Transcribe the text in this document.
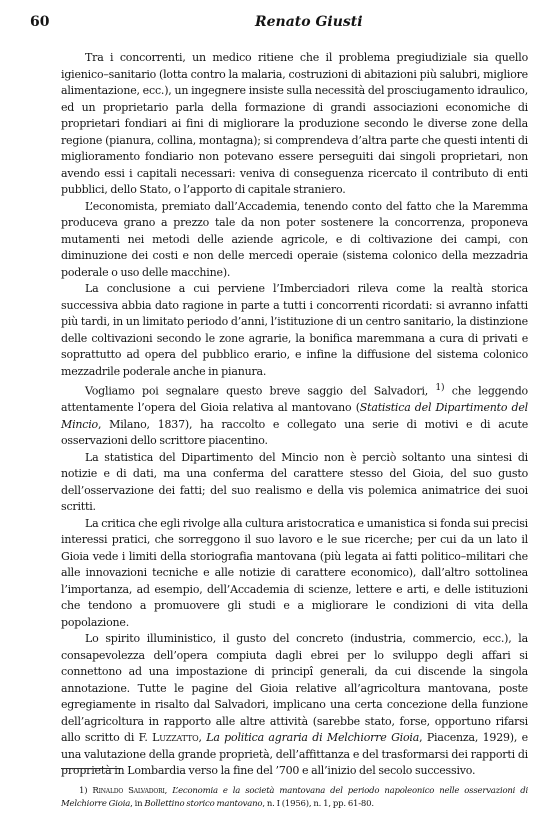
60	Renato Giusti

Tra i concorrenti, un medico ritiene che il problema pregiudiziale sia quello igienico–sanitario (lotta contro la malaria, costruzioni di abitazioni più salubri, migliore alimentazione, ecc.), un ingegnere insiste sulla necessità del prosciugamento idraulico, ed un proprietario parla della formazione di grandi associazioni economiche di proprietari fondiari ai fini di migliorare la produzione secondo le diverse zone della regione (pianura, collina, montagna); si comprendeva d’altra parte che questi intenti di miglioramento fondiario non potevano essere perseguiti dai singoli proprietari, non avendo essi i capitali necessari: veniva di conseguenza ricercato il contributo di enti pubblici, dello Stato, o l’apporto di capitale straniero.

L’economista, premiato dall’Accademia, tenendo conto del fatto che la Maremma produceva grano a prezzo tale da non poter sostenere la concorrenza, proponeva mutamenti nei metodi delle aziende agricole, e di coltivazione dei campi, con diminuzione dei costi e non delle mercedi operaie (sistema colonico della mezzadria poderale o uso delle macchine).

La conclusione a cui perviene l’Imberciadori rileva come la realtà storica successiva abbia dato ragione in parte a tutti i concorrenti ricordati: si avranno infatti più tardi, in un limitato periodo d’anni, l’istituzione di un centro sanitario, la distinzione delle coltivazioni secondo le zone agrarie, la bonifica maremmana a cura di privati e soprattutto ad opera del pubblico erario, e infine la diffusione del sistema colonico mezzadrile poderale anche in pianura.

Vogliamo poi segnalare questo breve saggio del Salvadori, $^{1)}$ che leggendo attentamente l’opera del Gioia relativa al mantovano (Statistica del Dipartimento del Mincio, Milano, 1837), ha raccolto e collegato una serie di motivi e di acute osservazioni dello scrittore piacentino.

La statistica del Dipartimento del Mincio non è perciò soltanto una sintesi di notizie e di dati, ma una conferma del carattere stesso del Gioia, del suo gusto dell’osservazione dei fatti; del suo realismo e della vis polemica animatrice dei suoi scritti.

La critica che egli rivolge alla cultura aristocratica e umanistica si fonda sui precisi interessi pratici, che sorreggono il suo lavoro e le sue ricerche; per cui da un lato il Gioia vede i limiti della storiografia mantovana (più legata ai fatti politico–militari che alle innovazioni tecniche e alle notizie di carattere economico), dall’altro sottolinea l’importanza, ad esempio, dell’Accademia di scienze, lettere e arti, e delle istituzioni che tendono a promuovere gli studi e a migliorare le condizioni di vita della popolazione.

Lo spirito illuministico, il gusto del concreto (industria, commercio, ecc.), la consapevolezza dell’opera compiuta dagli ebrei per lo sviluppo degli affari si connettono ad una impostazione di principî generali, da cui discende la singola annotazione. Tutte le pagine del Gioia relative all’agricoltura mantovana, poste egregiamente in risalto dal Salvadori, implicano una certa concezione della funzione dell’agricoltura in rapporto alle altre attività (sarebbe stato, forse, opportuno rifarsi allo scritto di F. Luzzatto, La politica agraria di Melchiorre Gioia, Piacenza, 1929), e una valutazione della grande proprietà, dell’affittanza e del trasformarsi dei rapporti di proprietà in Lombardia verso la fine del ’700 e all’inizio del secolo successivo.

1) Rinaldo Salvadori, L’economia e la società mantovana del periodo napoleonico nelle osservazioni di Melchiorre Gioia, in Bollettino storico mantovano, n. I (1956), n. 1, pp. 61-80.
